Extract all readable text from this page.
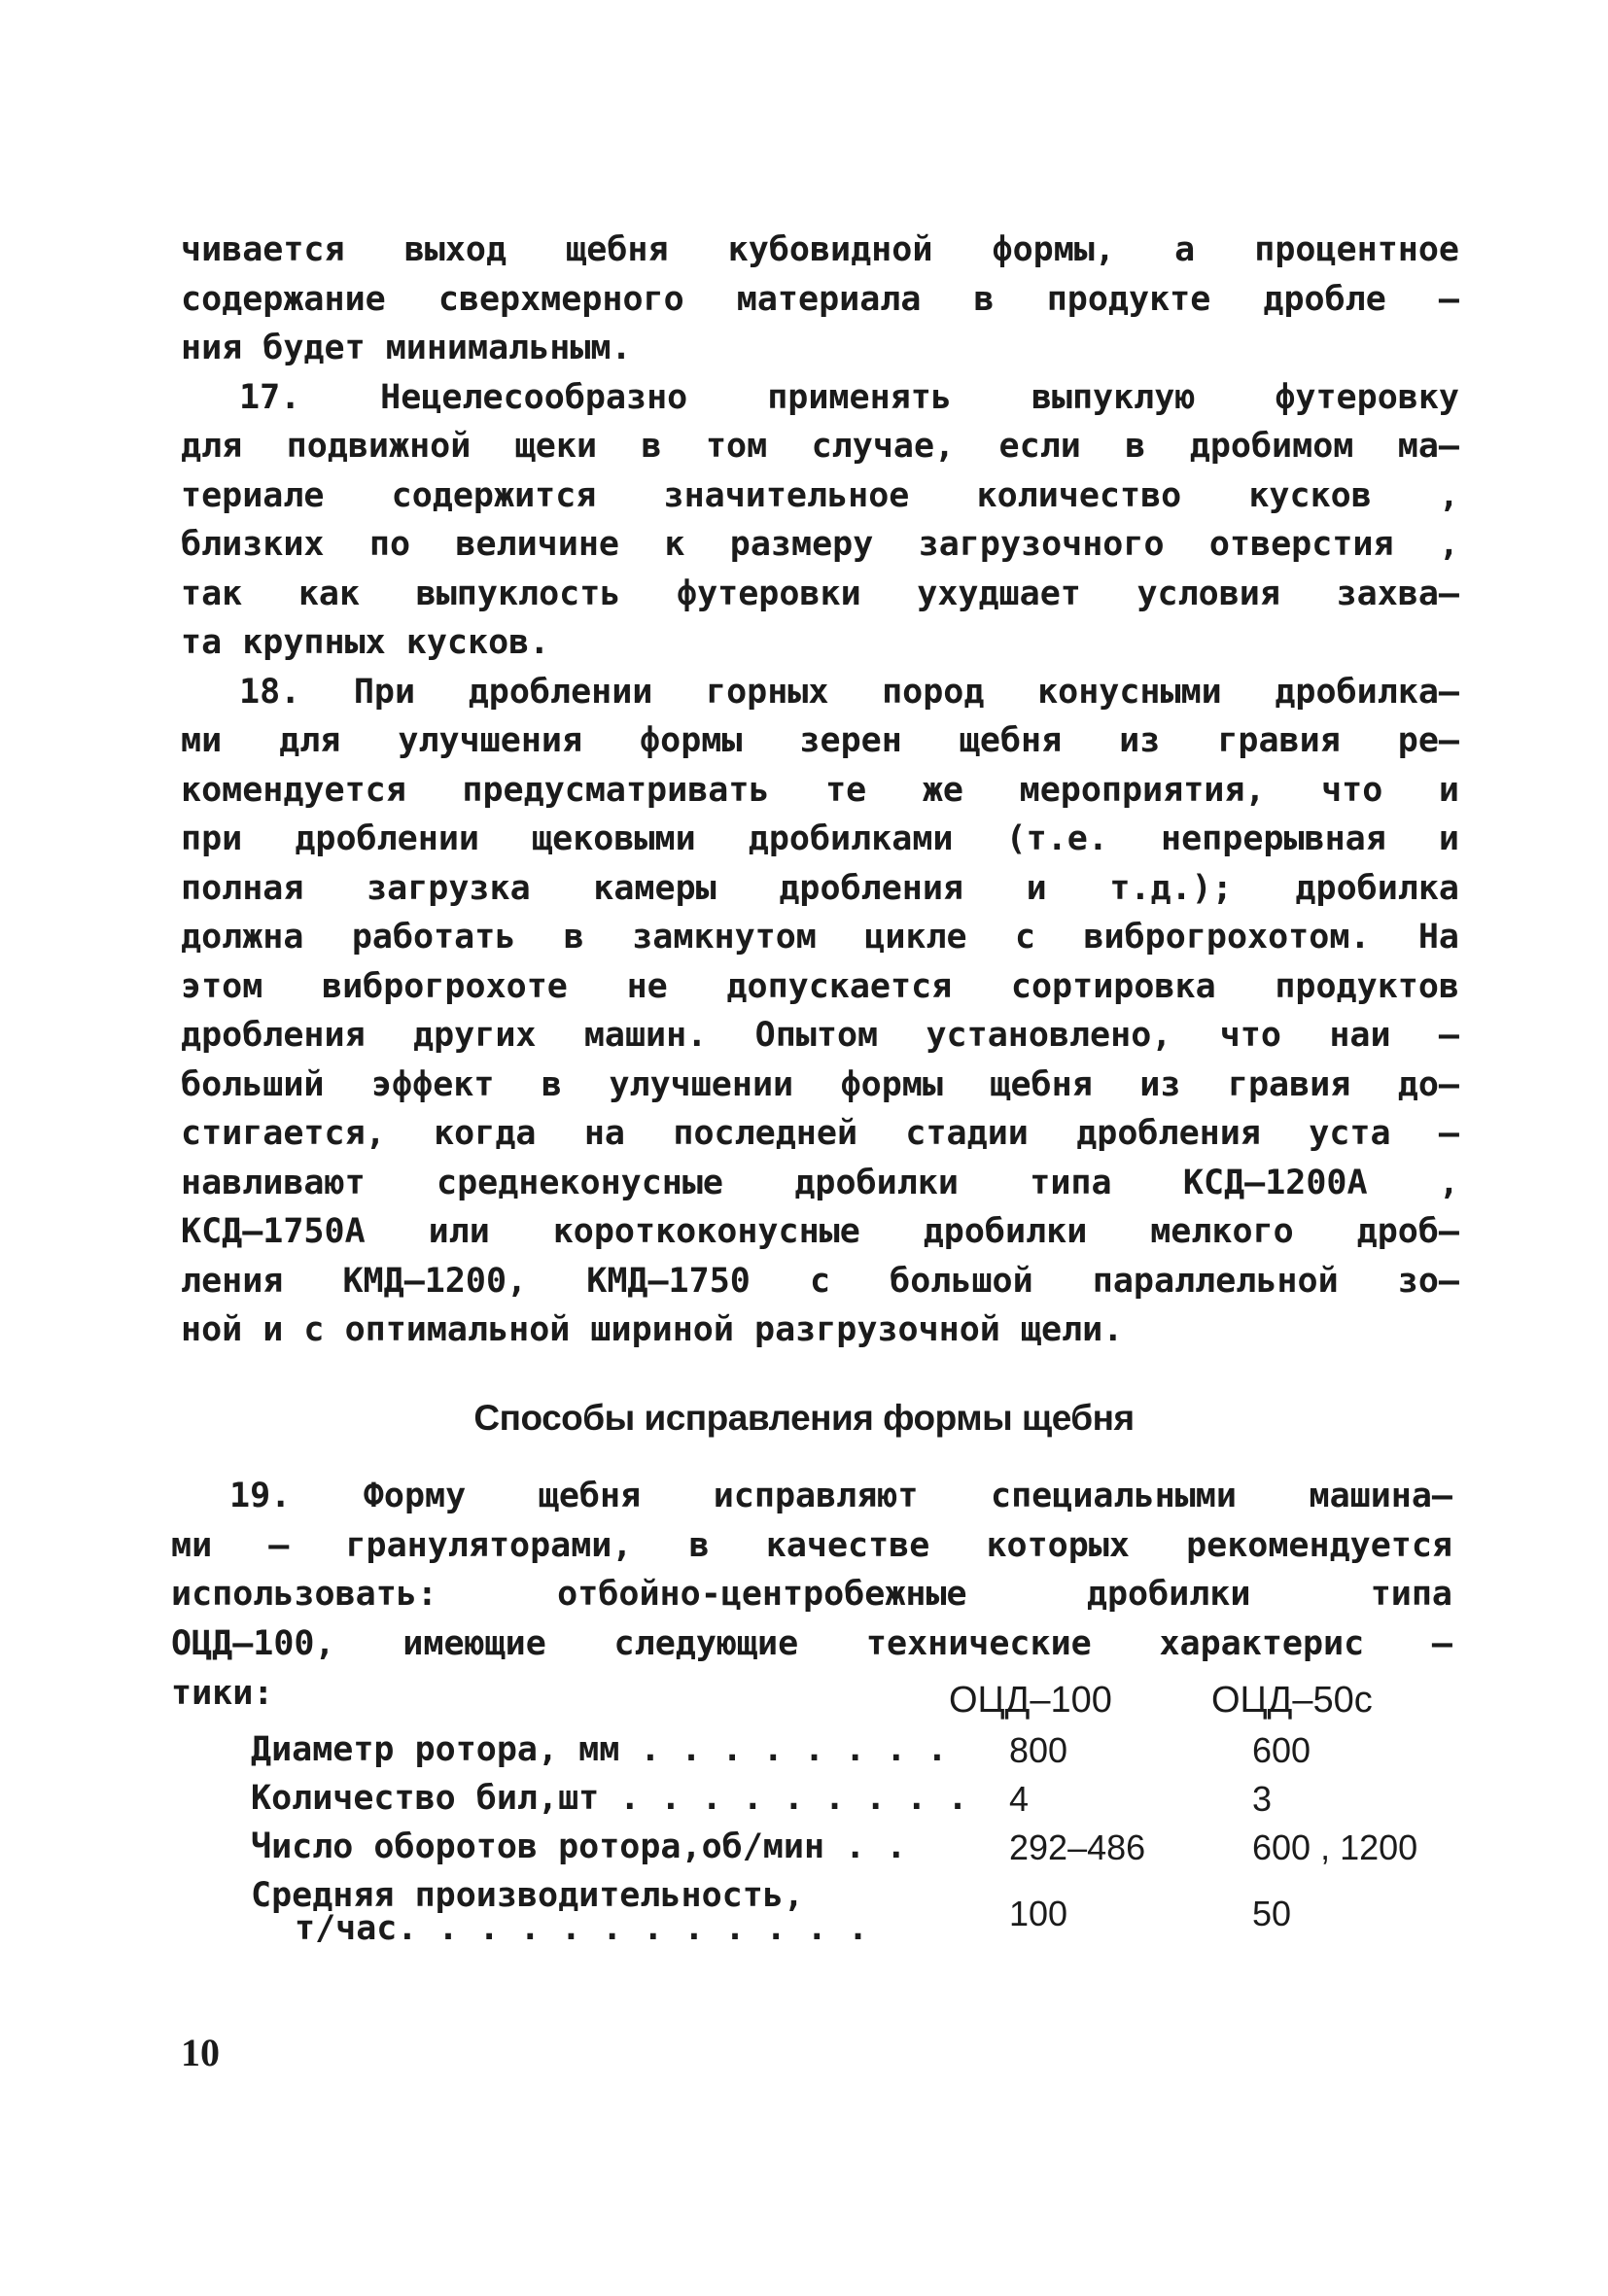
чивается выход щебня кубовидной формы, а процентное
содержание сверхмерного материала в продукте дробле –
ния будет минимальным.
17. Нецелесообразно применять выпуклую футеровку
для подвижной щеки в том случае, если в дробимом ма–
териале содержится значительное количество кусков ,
близких по величине к размеру загрузочного отверстия ,
так как выпуклость футеровки ухудшает условия захва–
та крупных кусков.
18. При дроблении горных пород конусными дробилка–
ми для улучшения формы зерен щебня из гравия ре–
комендуется предусматривать те же мероприятия, что и
при дроблении щековыми дробилками (т.е. непрерывная и
полная загрузка камеры дробления и т.д.); дробилка
должна работать в замкнутом цикле с виброгрохотом. На
этом виброгрохоте не допускается сортировка продуктов
дробления других машин. Опытом установлено, что наи –
больший эффект в улучшении формы щебня из гравия до–
стигается, когда на последней стадии дробления уста –
навливают среднеконусные дробилки типа КСД–1200А ,
КСД–1750А или короткоконусные дробилки мелкого дроб–
ления КМД–1200, КМД–1750 с большой параллельной зо–
ной и с оптимальной шириной разгрузочной щели.
Способы исправления формы щебня
19. Форму щебня исправляют специальными машина–
ми – грануляторами, в качестве которых рекомендуется
использовать: отбойно-центробежные дробилки типа
ОЦД–100, имеющие следующие технические характерис –
тики:	ОЦД–100	ОЦД–50с
Диаметр ротора, мм . . . . . . . . 800	600
Количество бил,шт . . . . . . . . . 4	3
Число оборотов ротора,об/мин . .	292–486	600 , 1200
Средняя производительность,
т/час. . . . . . . . . . . .	100	50
10
